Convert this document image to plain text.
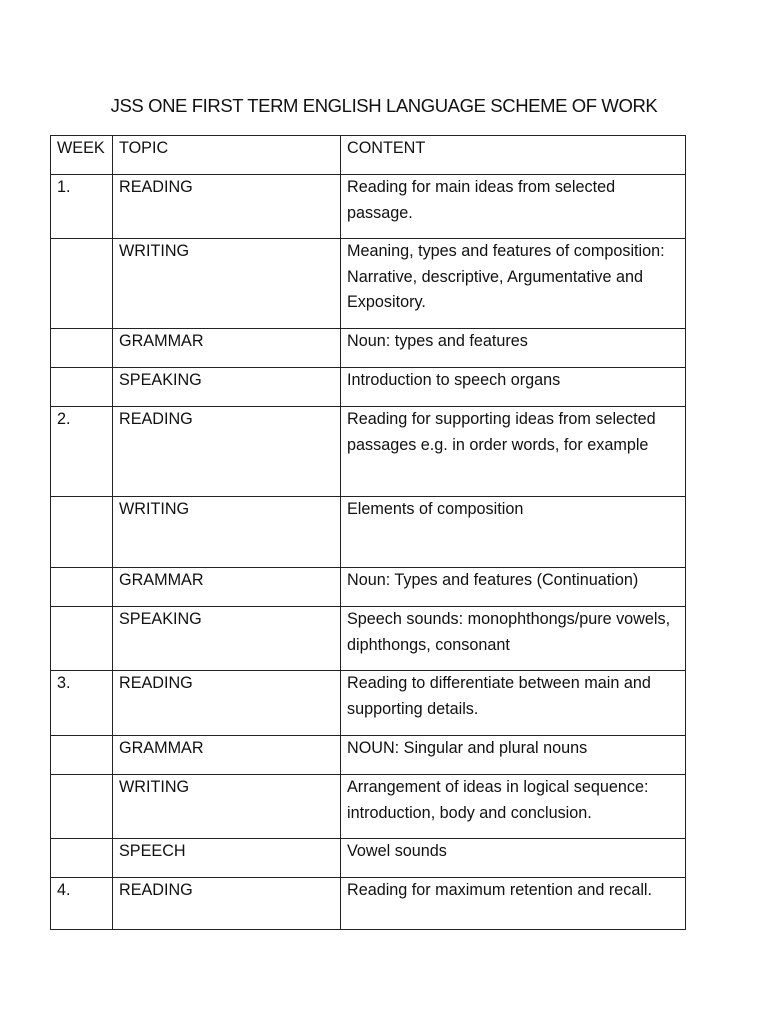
JSS ONE FIRST TERM ENGLISH LANGUAGE SCHEME OF WORK
WEEK	TOPIC	CONTENT
1.	READING	Reading for main ideas from selected passage.
	WRITING	Meaning, types and features of composition: Narrative, descriptive, Argumentative and Expository.
	GRAMMAR	Noun: types and features
	SPEAKING	Introduction to speech organs
2.	READING	Reading for supporting ideas from selected passages e.g. in order words, for example
	WRITING	Elements of composition
	GRAMMAR	Noun: Types and features (Continuation)
	SPEAKING	Speech sounds: monophthongs/pure vowels, diphthongs, consonant
3.	READING	Reading to differentiate between main and supporting details.
	GRAMMAR	NOUN: Singular and plural nouns
	WRITING	Arrangement of ideas in logical sequence: introduction, body and conclusion.
	SPEECH	Vowel sounds
4.	READING	Reading for maximum retention and recall.
